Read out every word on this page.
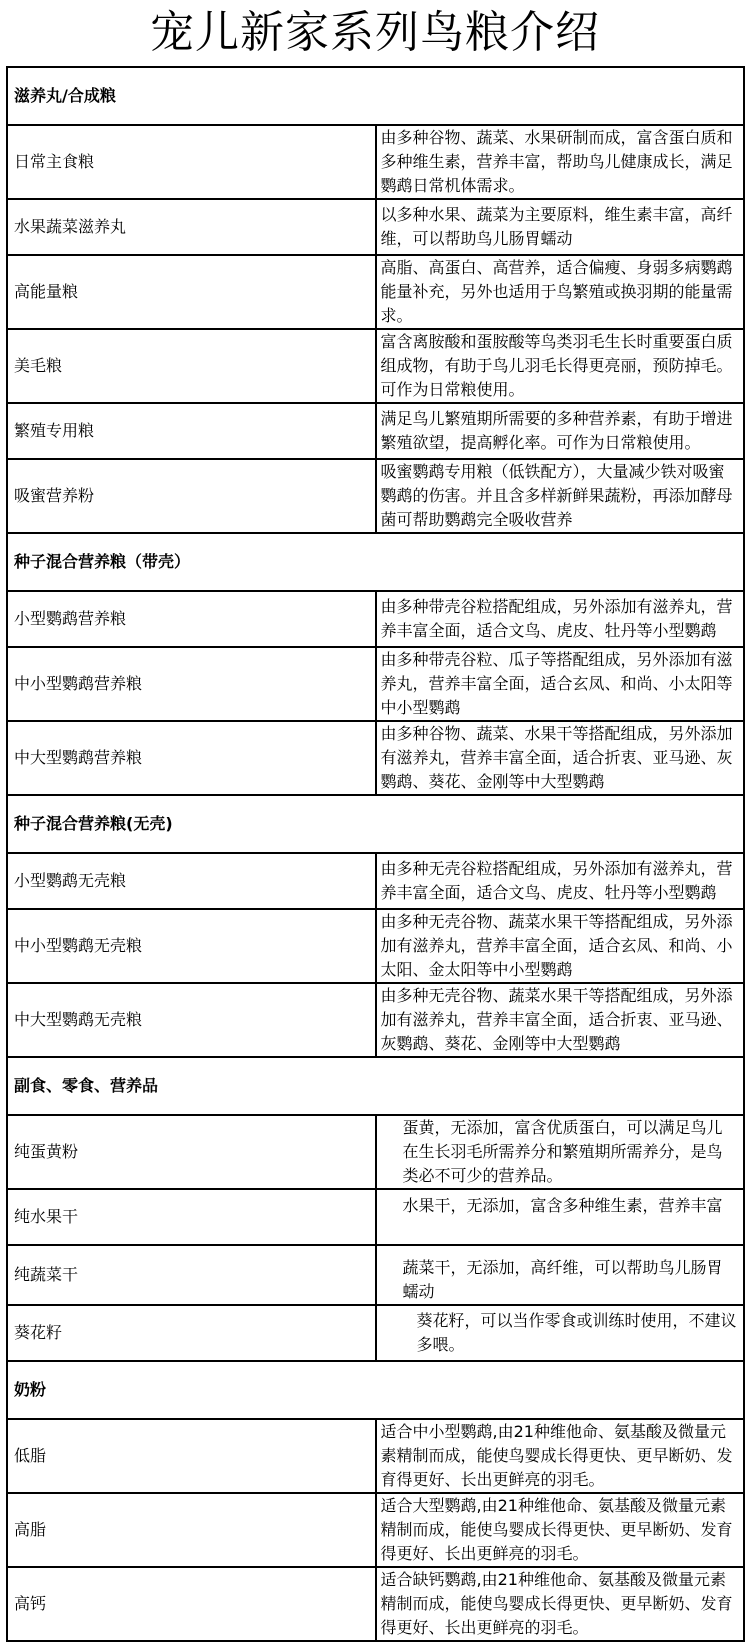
宠儿新家系列鸟粮介绍
滋养丸/合成粮	
日常主食粮	由多种谷物、蔬菜、水果研制而成，富含蛋白质和多种维生素，营养丰富，帮助鸟儿健康成长，满足鹦鹉日常机体需求。
水果蔬菜滋养丸	以多种水果、蔬菜为主要原料，维生素丰富，高纤维，可以帮助鸟儿肠胃蠕动
高能量粮	高脂、高蛋白、高营养，适合偏瘦、身弱多病鹦鹉能量补充，另外也适用于鸟繁殖或换羽期的能量需求。
美毛粮	富含离胺酸和蛋胺酸等鸟类羽毛生长时重要蛋白质组成物，有助于鸟儿羽毛长得更亮丽，预防掉毛。可作为日常粮使用。
繁殖专用粮	满足鸟儿繁殖期所需要的多种营养素，有助于增进繁殖欲望，提高孵化率。可作为日常粮使用。
吸蜜营养粉	吸蜜鹦鹉专用粮（低铁配方），大量减少铁对吸蜜鹦鹉的伤害。并且含多样新鲜果蔬粉，再添加酵母菌可帮助鹦鹉完全吸收营养
种子混合营养粮（带壳）	
小型鹦鹉营养粮	由多种带壳谷粒搭配组成，另外添加有滋养丸，营养丰富全面，适合文鸟、虎皮、牡丹等小型鹦鹉
中小型鹦鹉营养粮	由多种带壳谷粒、瓜子等搭配组成，另外添加有滋养丸，营养丰富全面，适合玄凤、和尚、小太阳等中小型鹦鹉
中大型鹦鹉营养粮	由多种谷物、蔬菜、水果干等搭配组成，另外添加有滋养丸，营养丰富全面，适合折衷、亚马逊、灰鹦鹉、葵花、金刚等中大型鹦鹉
种子混合营养粮(无壳)	
小型鹦鹉无壳粮	由多种无壳谷粒搭配组成，另外添加有滋养丸，营养丰富全面，适合文鸟、虎皮、牡丹等小型鹦鹉
中小型鹦鹉无壳粮	由多种无壳谷物、蔬菜水果干等搭配组成，另外添加有滋养丸，营养丰富全面，适合玄凤、和尚、小太阳、金太阳等中小型鹦鹉
中大型鹦鹉无壳粮	由多种无壳谷物、蔬菜水果干等搭配组成，另外添加有滋养丸，营养丰富全面，适合折衷、亚马逊、灰鹦鹉、葵花、金刚等中大型鹦鹉
副食、零食、营养品	
纯蛋黄粉	蛋黄，无添加，富含优质蛋白，可以满足鸟儿在生长羽毛所需养分和繁殖期所需养分，是鸟类必不可少的营养品。
纯水果干	水果干，无添加，富含多种维生素，营养丰富
纯蔬菜干	蔬菜干，无添加，高纤维，可以帮助鸟儿肠胃蠕动
葵花籽	葵花籽，可以当作零食或训练时使用，不建议多喂。
奶粉	
低脂	适合中小型鹦鹉,由21种维他命、氨基酸及微量元素精制而成，能使鸟婴成长得更快、更早断奶、发育得更好、长出更鲜亮的羽毛。
高脂	适合大型鹦鹉,由21种维他命、氨基酸及微量元素精制而成，能使鸟婴成长得更快、更早断奶、发育得更好、长出更鲜亮的羽毛。
高钙	适合缺钙鹦鹉,由21种维他命、氨基酸及微量元素精制而成，能使鸟婴成长得更快、更早断奶、发育得更好、长出更鲜亮的羽毛。
